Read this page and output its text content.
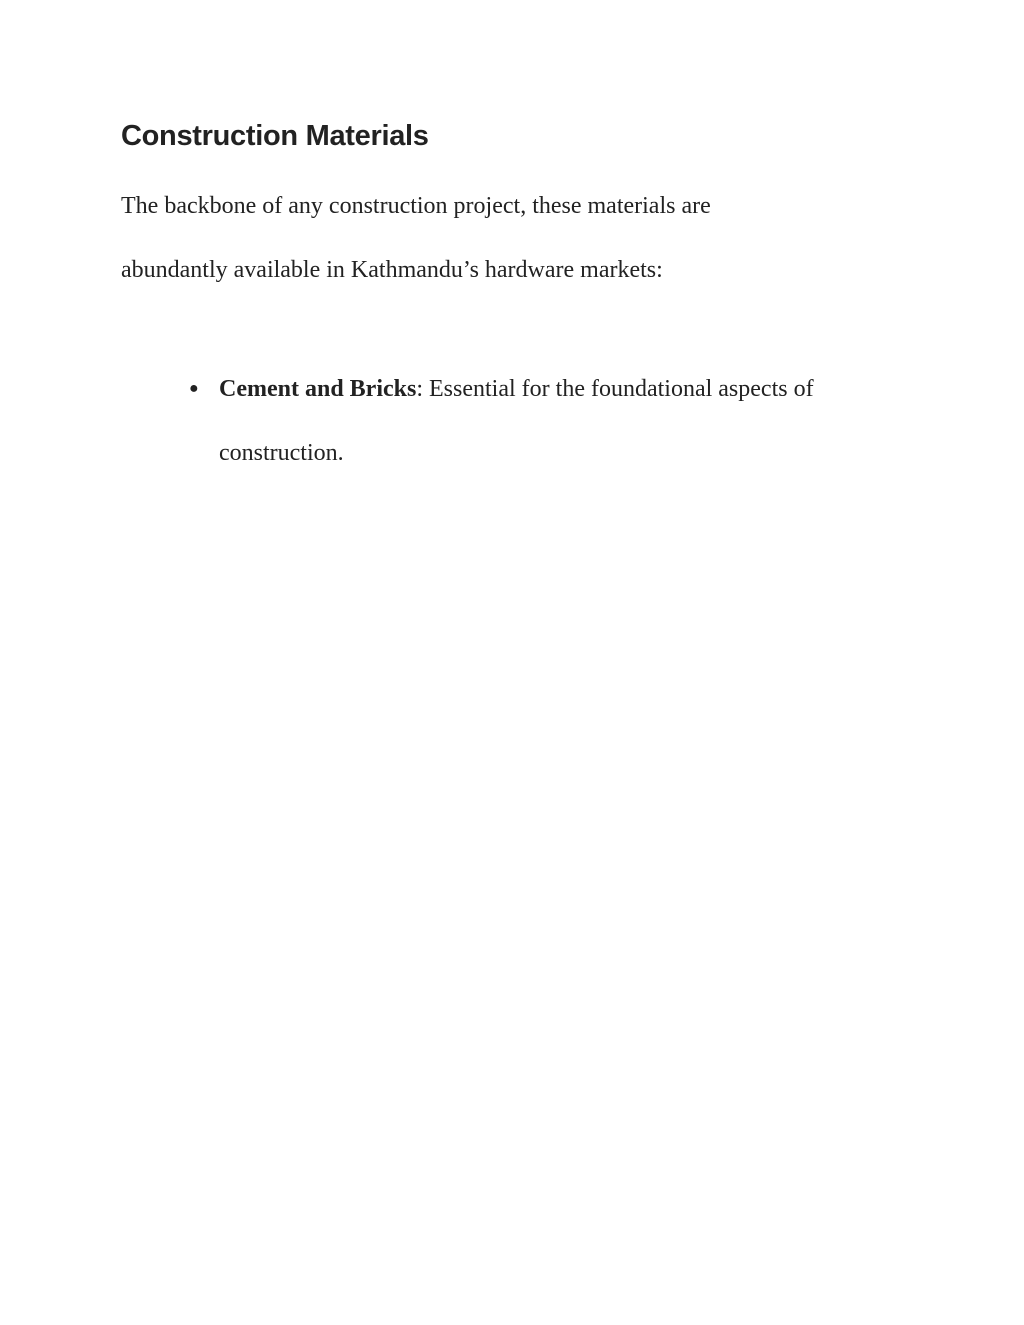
Construction Materials

The backbone of any construction project, these materials are abundantly available in Kathmandu’s hardware markets:

● Cement and Bricks: Essential for the foundational aspects of construction.
